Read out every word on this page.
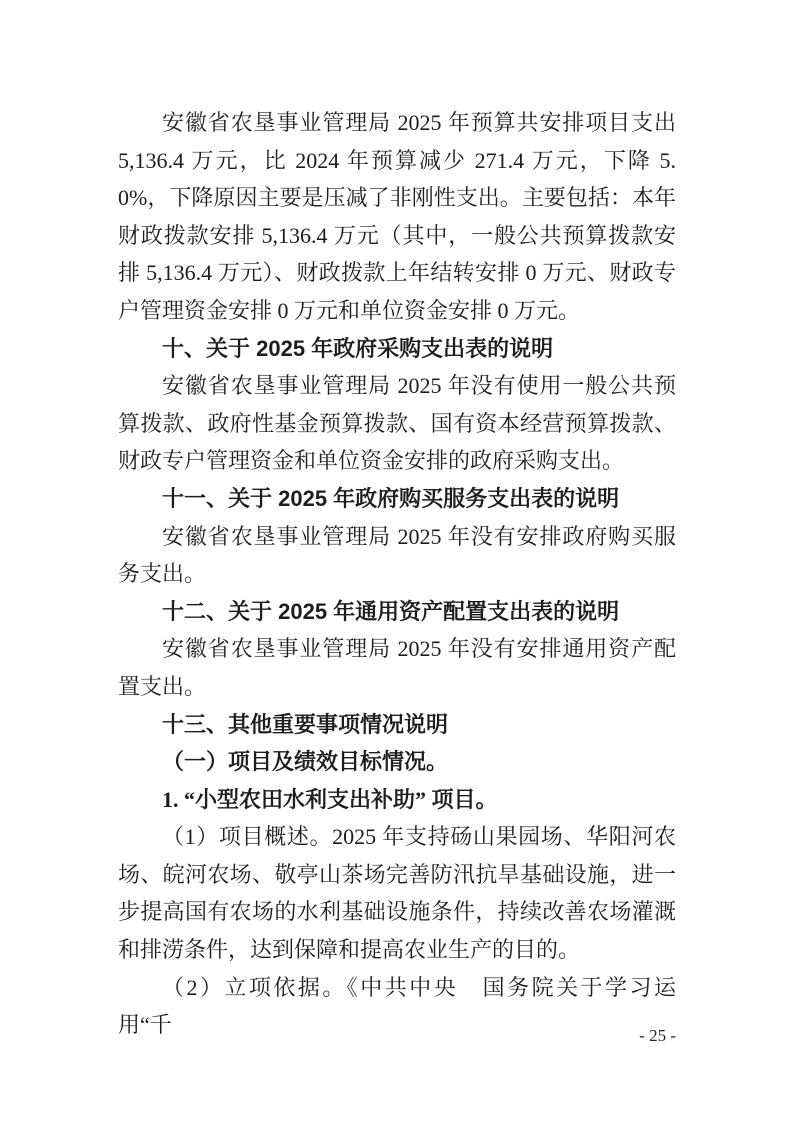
安徽省农垦事业管理局 2025 年预算共安排项目支出 5,136.4 万元，比 2024 年预算减少 271.4 万元，下降 5.0%，下降原因主要是压减了非刚性支出。主要包括：本年财政拨款安排 5,136.4 万元（其中，一般公共预算拨款安排 5,136.4 万元）、财政拨款上年结转安排 0 万元、财政专户管理资金安排 0 万元和单位资金安排 0 万元。

十、关于 2025 年政府采购支出表的说明

安徽省农垦事业管理局 2025 年没有使用一般公共预算拨款、政府性基金预算拨款、国有资本经营预算拨款、财政专户管理资金和单位资金安排的政府采购支出。

十一、关于 2025 年政府购买服务支出表的说明

安徽省农垦事业管理局 2025 年没有安排政府购买服务支出。

十二、关于 2025 年通用资产配置支出表的说明

安徽省农垦事业管理局 2025 年没有安排通用资产配置支出。

十三、其他重要事项情况说明

（一）项目及绩效目标情况。

1. “小型农田水利支出补助” 项目。

（1）项目概述。2025 年支持砀山果园场、华阳河农场、皖河农场、敬亭山茶场完善防汛抗旱基础设施，进一步提高国有农场的水利基础设施条件，持续改善农场灌溉和排涝条件，达到保障和提高农业生产的目的。

（2）立项依据。《中共中央　国务院关于学习运用“千	- 25 -
